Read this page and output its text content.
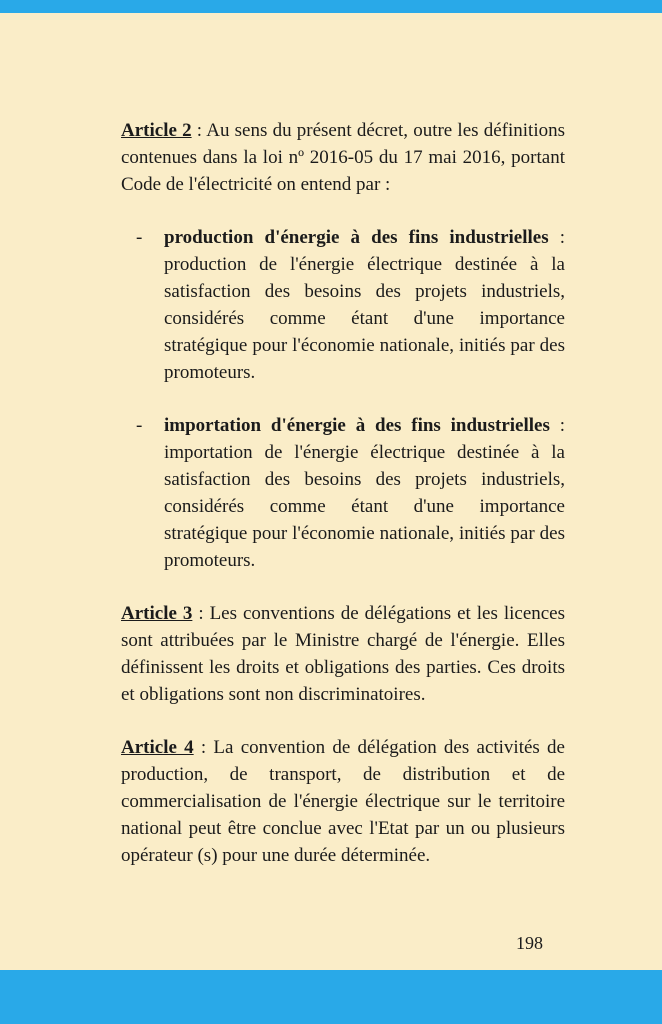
Article 2 : Au sens du présent décret, outre les définitions contenues dans la loi nº 2016-05 du 17 mai 2016, portant Code de l'électricité on entend par :

-	production d'énergie à des fins industrielles : production de l'énergie électrique destinée à la satisfaction des besoins des projets industriels, considérés comme étant d'une importance stratégique pour l'économie nationale, initiés par des promoteurs.

-	importation d'énergie à des fins industrielles : importation de l'énergie électrique destinée à la satisfaction des besoins des projets industriels, considérés comme étant d'une importance stratégique pour l'économie nationale, initiés par des promoteurs.

Article 3 : Les conventions de délégations et les licences sont attribuées par le Ministre chargé de l'énergie. Elles définissent les droits et obligations des parties. Ces droits et obligations sont non discriminatoires.

Article 4 : La convention de délégation des activités de production, de transport, de distribution et de commercialisation de l'énergie électrique sur le territoire national peut être conclue avec l'Etat par un ou plusieurs opérateur (s) pour une durée déterminée.

198
